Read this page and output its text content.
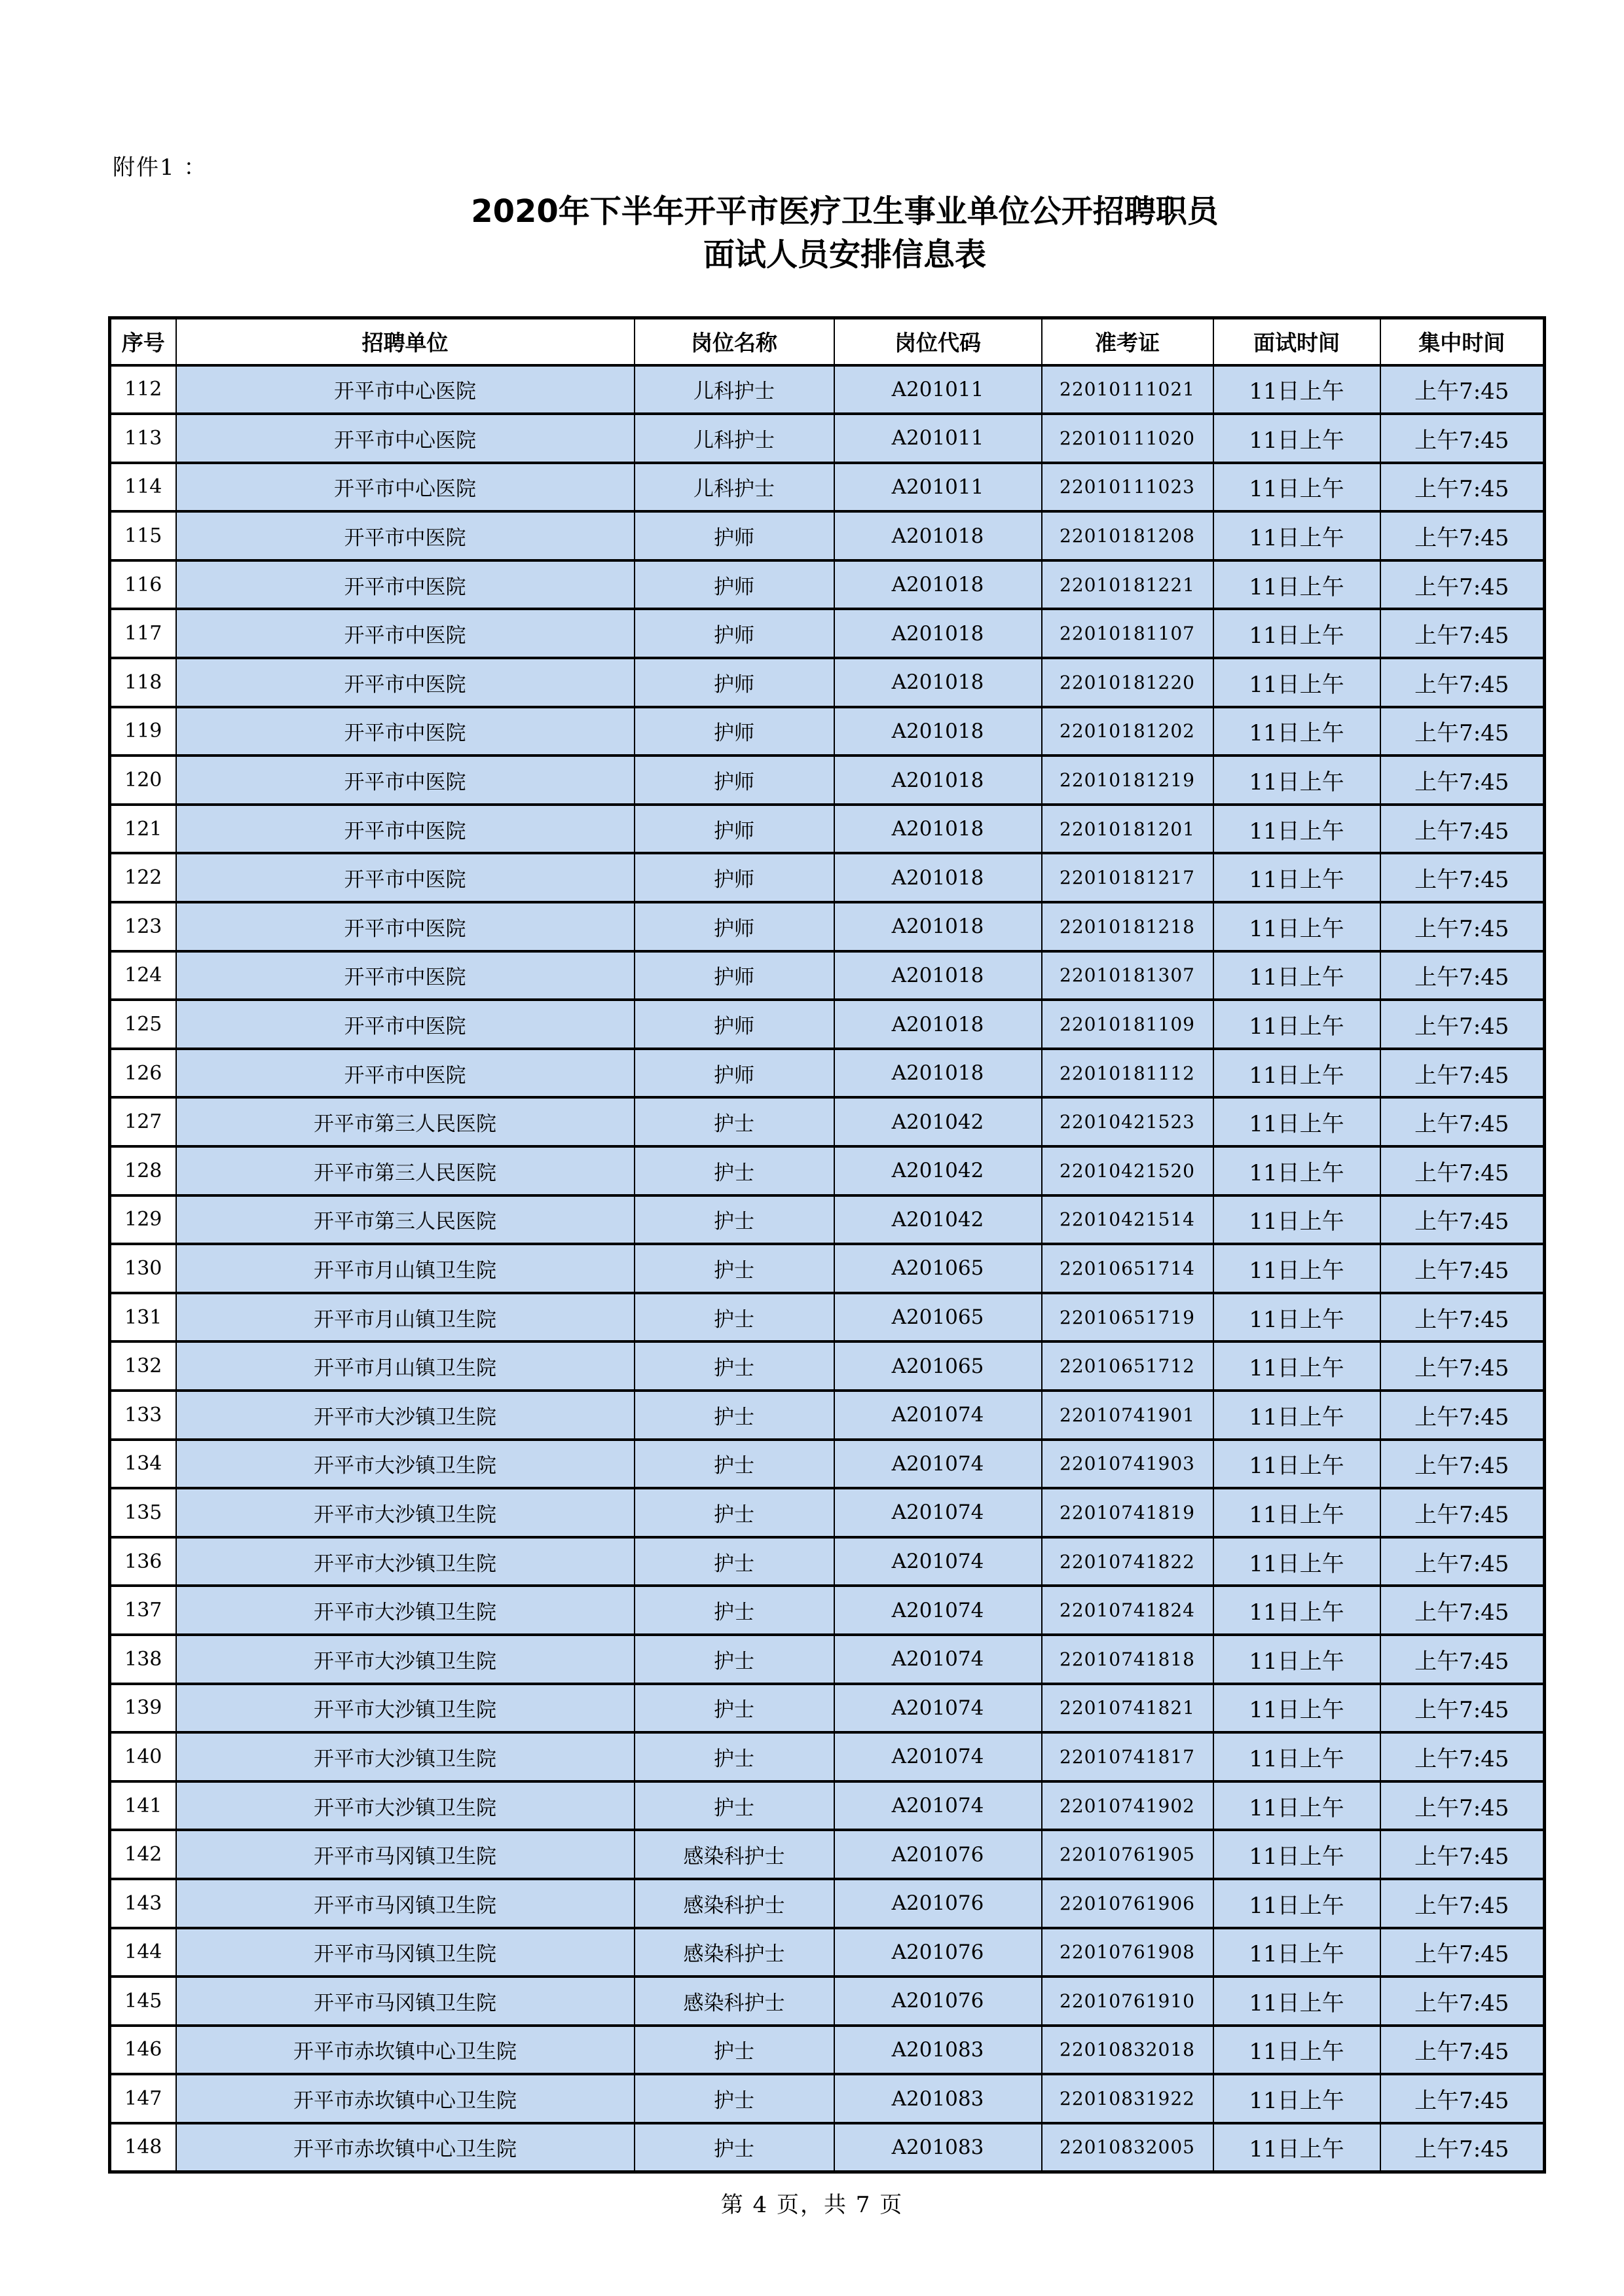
附件1 ：
2020年下半年开平市医疗卫生事业单位公开招聘职员
面试人员安排信息表
序号	招聘单位	岗位名称	岗位代码	准考证	面试时间	集中时间
112	开平市中心医院	儿科护士	A201011	22010111021	11日上午	上午7:45
113	开平市中心医院	儿科护士	A201011	22010111020	11日上午	上午7:45
114	开平市中心医院	儿科护士	A201011	22010111023	11日上午	上午7:45
115	开平市中医院	护师	A201018	22010181208	11日上午	上午7:45
116	开平市中医院	护师	A201018	22010181221	11日上午	上午7:45
117	开平市中医院	护师	A201018	22010181107	11日上午	上午7:45
118	开平市中医院	护师	A201018	22010181220	11日上午	上午7:45
119	开平市中医院	护师	A201018	22010181202	11日上午	上午7:45
120	开平市中医院	护师	A201018	22010181219	11日上午	上午7:45
121	开平市中医院	护师	A201018	22010181201	11日上午	上午7:45
122	开平市中医院	护师	A201018	22010181217	11日上午	上午7:45
123	开平市中医院	护师	A201018	22010181218	11日上午	上午7:45
124	开平市中医院	护师	A201018	22010181307	11日上午	上午7:45
125	开平市中医院	护师	A201018	22010181109	11日上午	上午7:45
126	开平市中医院	护师	A201018	22010181112	11日上午	上午7:45
127	开平市第三人民医院	护士	A201042	22010421523	11日上午	上午7:45
128	开平市第三人民医院	护士	A201042	22010421520	11日上午	上午7:45
129	开平市第三人民医院	护士	A201042	22010421514	11日上午	上午7:45
130	开平市月山镇卫生院	护士	A201065	22010651714	11日上午	上午7:45
131	开平市月山镇卫生院	护士	A201065	22010651719	11日上午	上午7:45
132	开平市月山镇卫生院	护士	A201065	22010651712	11日上午	上午7:45
133	开平市大沙镇卫生院	护士	A201074	22010741901	11日上午	上午7:45
134	开平市大沙镇卫生院	护士	A201074	22010741903	11日上午	上午7:45
135	开平市大沙镇卫生院	护士	A201074	22010741819	11日上午	上午7:45
136	开平市大沙镇卫生院	护士	A201074	22010741822	11日上午	上午7:45
137	开平市大沙镇卫生院	护士	A201074	22010741824	11日上午	上午7:45
138	开平市大沙镇卫生院	护士	A201074	22010741818	11日上午	上午7:45
139	开平市大沙镇卫生院	护士	A201074	22010741821	11日上午	上午7:45
140	开平市大沙镇卫生院	护士	A201074	22010741817	11日上午	上午7:45
141	开平市大沙镇卫生院	护士	A201074	22010741902	11日上午	上午7:45
142	开平市马冈镇卫生院	感染科护士	A201076	22010761905	11日上午	上午7:45
143	开平市马冈镇卫生院	感染科护士	A201076	22010761906	11日上午	上午7:45
144	开平市马冈镇卫生院	感染科护士	A201076	22010761908	11日上午	上午7:45
145	开平市马冈镇卫生院	感染科护士	A201076	22010761910	11日上午	上午7:45
146	开平市赤坎镇中心卫生院	护士	A201083	22010832018	11日上午	上午7:45
147	开平市赤坎镇中心卫生院	护士	A201083	22010831922	11日上午	上午7:45
148	开平市赤坎镇中心卫生院	护士	A201083	22010832005	11日上午	上午7:45
第 4 页，共 7 页
